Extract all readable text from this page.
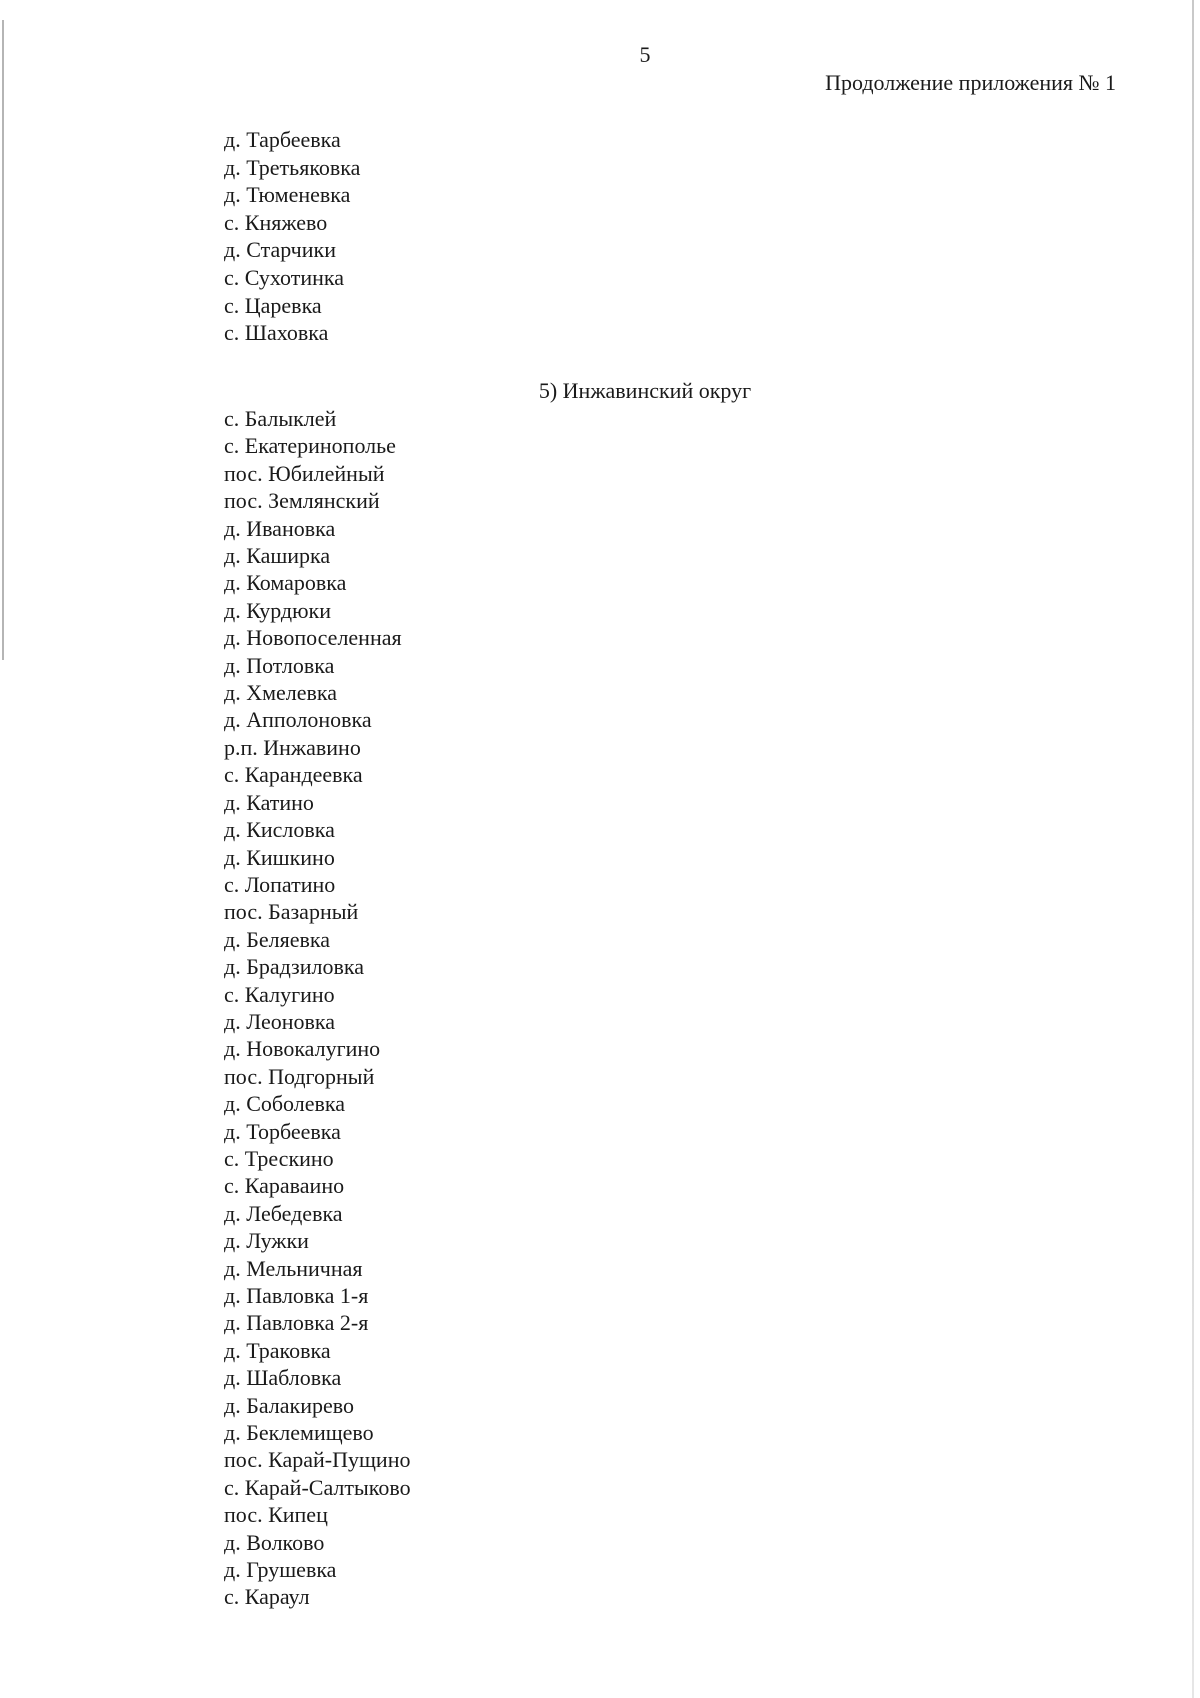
5
Продолжение приложения № 1
д. Тарбеевка
д. Третьяковка
д. Тюменевка
с. Княжево
д. Старчики
с. Сухотинка
с. Царевка
с. Шаховка
5) Инжавинский округ
с. Балыклей
с. Екатеринополье
пос. Юбилейный
пос. Землянский
д. Ивановка
д. Каширка
д. Комаровка
д. Курдюки
д. Новопоселенная
д. Потловка
д. Хмелевка
д. Апполоновка
р.п. Инжавино
с. Карандеевка
д. Катино
д. Кисловка
д. Кишкино
с. Лопатино
пос. Базарный
д. Беляевка
д. Брадзиловка
с. Калугино
д. Леоновка
д. Новокалугино
пос. Подгорный
д. Соболевка
д. Торбеевка
с. Трескино
с. Караваино
д. Лебедевка
д. Лужки
д. Мельничная
д. Павловка 1-я
д. Павловка 2-я
д. Траковка
д. Шабловка
д. Балакирево
д. Беклемищево
пос. Карай-Пущино
с. Карай-Салтыково
пос. Кипец
д. Волково
д. Грушевка
с. Караул
